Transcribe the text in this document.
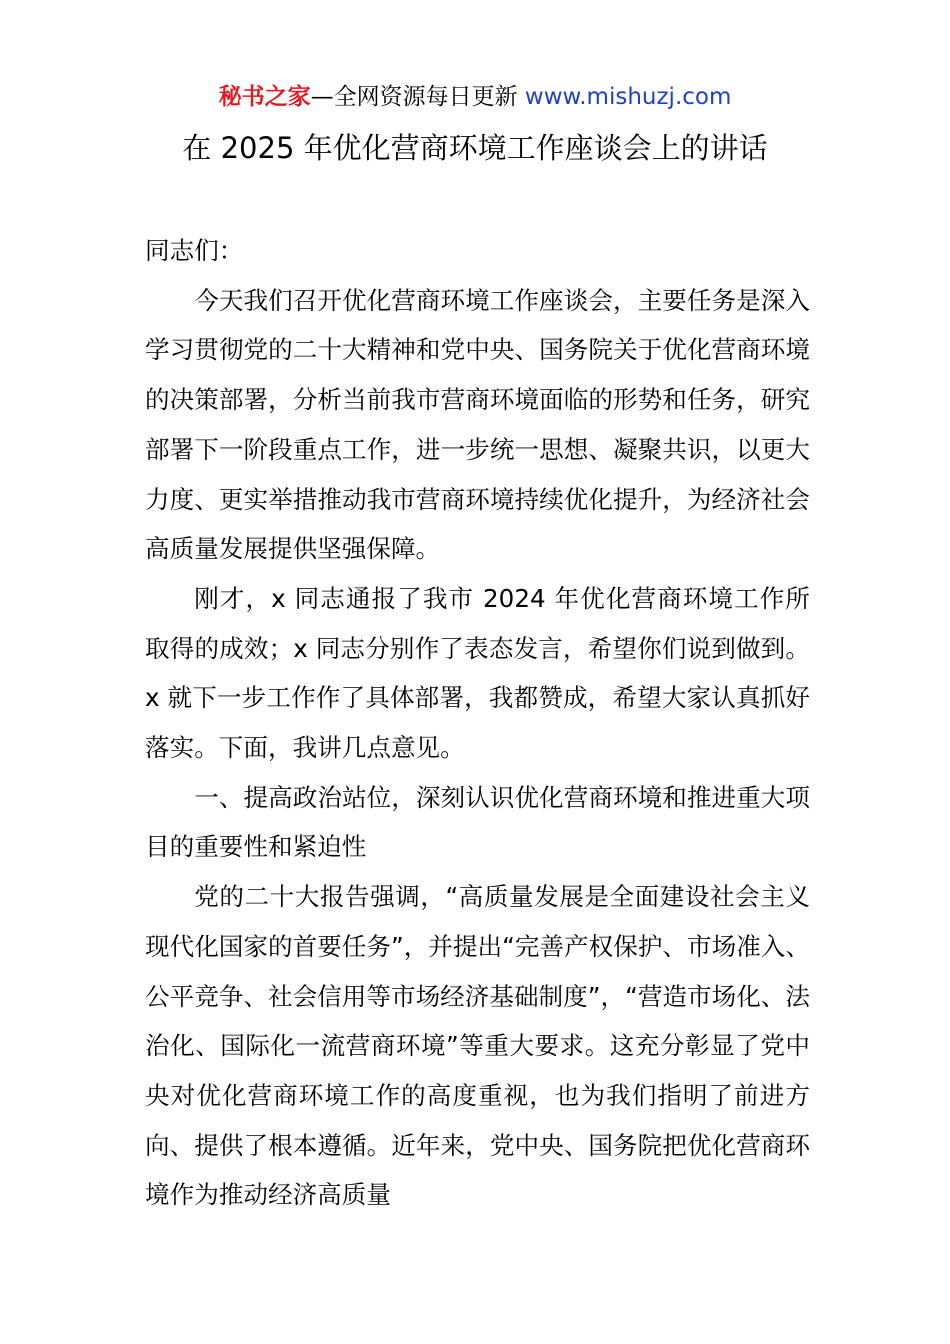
秘书之家—全网资源每日更新 www.mishuzj.com
在 2025 年优化营商环境工作座谈会上的讲话

同志们：

今天我们召开优化营商环境工作座谈会，主要任务是深入学习贯彻党的二十大精神和党中央、国务院关于优化营商环境的决策部署，分析当前我市营商环境面临的形势和任务，研究部署下一阶段重点工作，进一步统一思想、凝聚共识，以更大力度、更实举措推动我市营商环境持续优化提升，为经济社会高质量发展提供坚强保障。

刚才，x 同志通报了我市 2024 年优化营商环境工作所取得的成效；x 同志分别作了表态发言，希望你们说到做到。x 就下一步工作作了具体部署，我都赞成，希望大家认真抓好落实。下面，我讲几点意见。

一、提高政治站位，深刻认识优化营商环境和推进重大项目的重要性和紧迫性

党的二十大报告强调，“高质量发展是全面建设社会主义现代化国家的首要任务”，并提出“完善产权保护、市场准入、公平竞争、社会信用等市场经济基础制度”，“营造市场化、法治化、国际化一流营商环境”等重大要求。这充分彰显了党中央对优化营商环境工作的高度重视，也为我们指明了前进方向、提供了根本遵循。近年来，党中央、国务院把优化营商环境作为推动经济高质量
